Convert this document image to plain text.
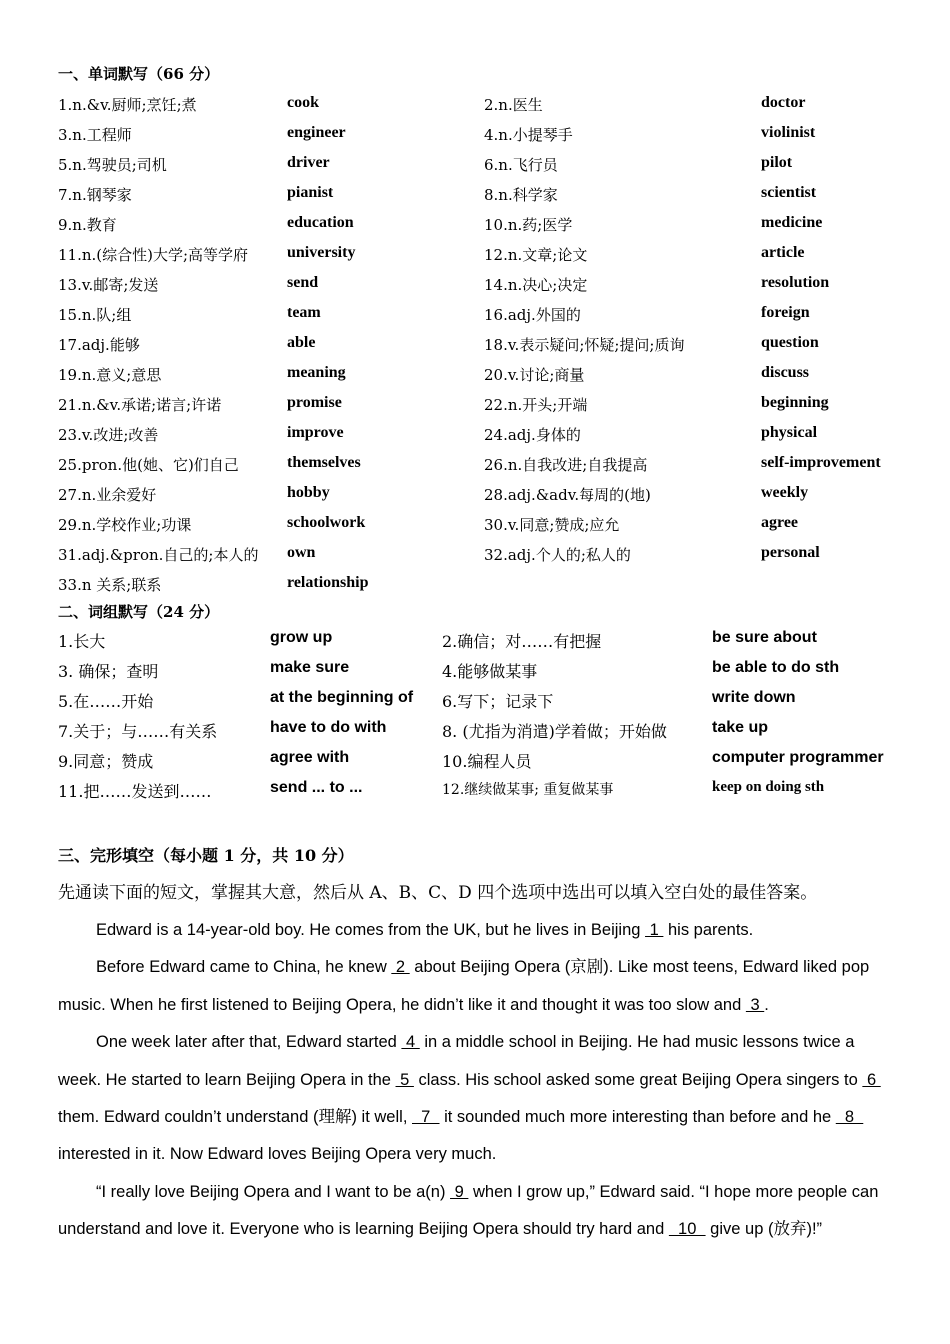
一、单词默写（66 分）
1.n.&v.厨师;烹饪;煮	cook	2.n.医生	doctor
3.n.工程师	engineer	4.n.小提琴手	violinist
5.n.驾驶员;司机	driver	6.n.飞行员	pilot
7.n.钢琴家	pianist	8.n.科学家	scientist
9.n.教育	education	10.n.药;医学	medicine
11.n.(综合性)大学;高等学府 university	12.n.文章;论文	article
13.v.邮寄;发送	send	14.n.决心;决定	resolution
15.n.队;组	team	16.adj.外国的	foreign
17.adj.能够	able	18.v.表示疑问;怀疑;提问;质询	question
19.n.意义;意思	meaning	20.v.讨论;商量	discuss
21.n.&v.承诺;诺言;许诺	promise	22.n.开头;开端	beginning
23.v.改进;改善	improve	24.adj.身体的	physical
25.pron.他(她、它)们自己	themselves	26.n.自我改进;自我提高	self-improvement
27.n.业余爱好	hobby	28.adj.&adv.每周的(地)	weekly
29.n.学校作业;功课	schoolwork	30.v.同意;赞成;应允	agree
31.adj.&pron.自己的;本人的 own	32.adj.个人的;私人的	personal
33.n 关系;联系	relationship
二、词组默写（24 分）
1.长大	grow up	2.确信；对……有把握	be sure about
3. 确保；查明	make sure	4.能够做某事	be able to do sth
5.在……开始	at the beginning of 6.写下；记录下	write down
7.关于；与……有关系	have to do with	8. (尤指为消遣)学着做；开始做	take up
9.同意；赞成	agree with	10.编程人员	computer programmer
11.把……发送到……	send ... to ...	12.继续做某事; 重复做某事	keep on doing sth
三、完形填空（每小题 1 分，共 10 分）
先通读下面的短文，掌握其大意，然后从 A、B、C、D 四个选项中选出可以填入空白处的最佳答案。

Edward is a 14-year-old boy. He comes from the UK, but he lives in Beijing  1  his parents.

Before Edward came to China, he knew  2  about Beijing Opera (京剧). Like most teens, Edward liked pop music. When he first listened to Beijing Opera, he didn’t like it and thought it was too slow and  3 .

One week later after that, Edward started  4  in a middle school in Beijing. He had music lessons twice a week. He started to learn Beijing Opera in the  5  class. His school asked some great Beijing Opera singers to  6  them. Edward couldn’t understand (理解) it well,   7   it sounded much more interesting than before and he   8   interested in it. Now Edward loves Beijing Opera very much.

“I really love Beijing Opera and I want to be a(n)  9  when I grow up,” Edward said. “I hope more people can understand and love it. Everyone who is learning Beijing Opera should try hard and   10   give up (放弃)!”
